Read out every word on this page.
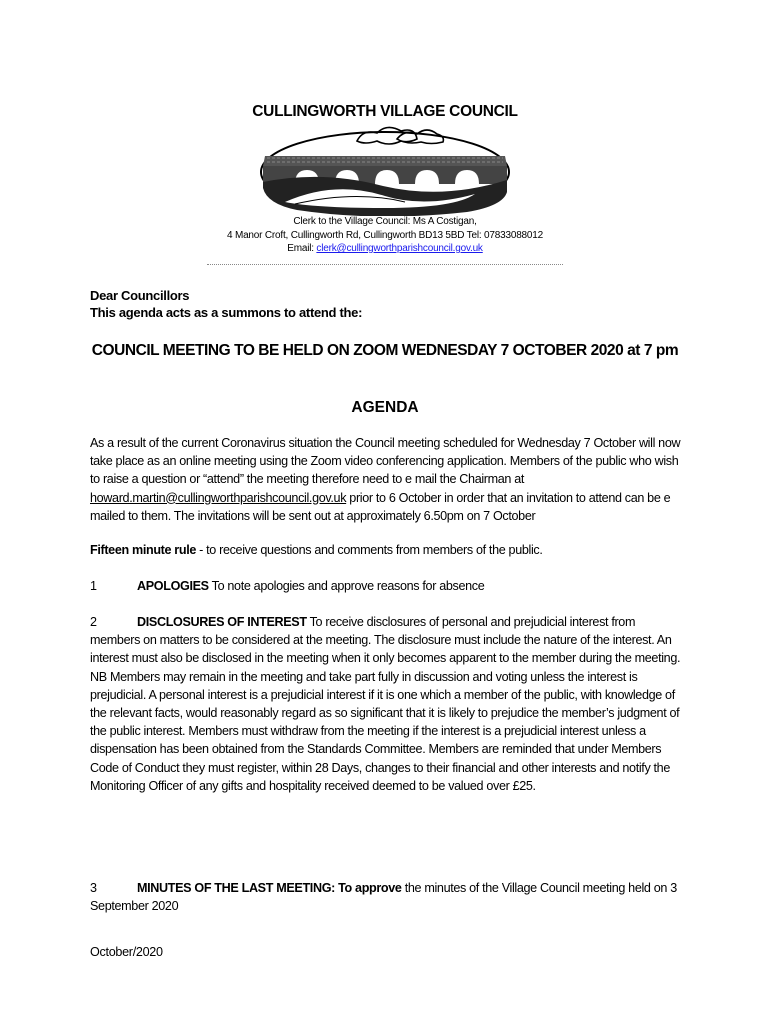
CULLINGWORTH VILLAGE COUNCIL
Clerk to the Village Council: Ms A Costigan,
4 Manor Croft, Cullingworth Rd, Cullingworth BD13 5BD Tel: 07833088012
Email: clerk@cullingworthparishcouncil.gov.uk
Dear Councillors
This agenda acts as a summons to attend the:
COUNCIL MEETING TO BE HELD ON ZOOM WEDNESDAY 7 OCTOBER 2020 at 7 pm
AGENDA
As a result of the current Coronavirus situation the Council meeting scheduled for Wednesday 7 October will now take place as an online meeting using the Zoom video conferencing application. Members of the public who wish to raise a question or “attend” the meeting therefore need to e mail the Chairman at howard.martin@cullingworthparishcouncil.gov.uk prior to 6 October in order that an invitation to attend can be e mailed to them. The invitations will be sent out at approximately 6.50pm on 7 October
Fifteen minute rule - to receive questions and comments from members of the public.
1	APOLOGIES To note apologies and approve reasons for absence
2	DISCLOSURES OF INTEREST To receive disclosures of personal and prejudicial interest from members on matters to be considered at the meeting. The disclosure must include the nature of the interest. An interest must also be disclosed in the meeting when it only becomes apparent to the member during the meeting.
NB Members may remain in the meeting and take part fully in discussion and voting unless the interest is prejudicial. A personal interest is a prejudicial interest if it is one which a member of the public, with knowledge of the relevant facts, would reasonably regard as so significant that it is likely to prejudice the member’s judgment of the public interest. Members must withdraw from the meeting if the interest is a prejudicial interest unless a dispensation has been obtained from the Standards Committee. Members are reminded that under Members Code of Conduct they must register, within 28 Days, changes to their financial and other interests and notify the Monitoring Officer of any gifts and hospitality received deemed to be valued over £25.
3	MINUTES OF THE LAST MEETING: To approve the minutes of the Village Council meeting held on 3 September 2020
October/2020
